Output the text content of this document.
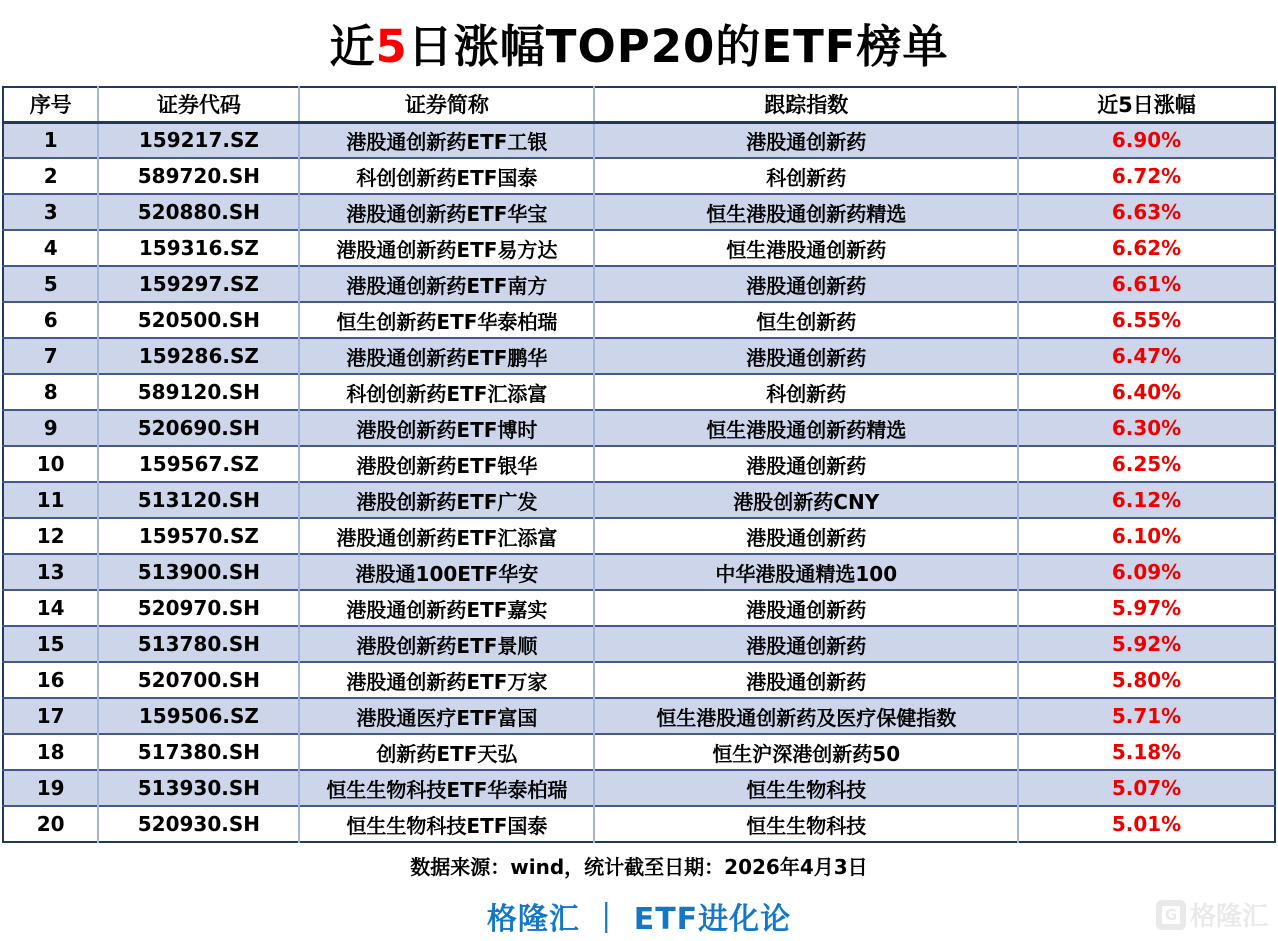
近5日涨幅TOP20的ETF榜单
序号	证券代码	证券简称	跟踪指数	近5日涨幅
1	159217.SZ	港股通创新药ETF工银	港股通创新药	6.90%
2	589720.SH	科创创新药ETF国泰	科创新药	6.72%
3	520880.SH	港股通创新药ETF华宝	恒生港股通创新药精选	6.63%
4	159316.SZ	港股通创新药ETF易方达	恒生港股通创新药	6.62%
5	159297.SZ	港股通创新药ETF南方	港股通创新药	6.61%
6	520500.SH	恒生创新药ETF华泰柏瑞	恒生创新药	6.55%
7	159286.SZ	港股通创新药ETF鹏华	港股通创新药	6.47%
8	589120.SH	科创创新药ETF汇添富	科创新药	6.40%
9	520690.SH	港股创新药ETF博时	恒生港股通创新药精选	6.30%
10	159567.SZ	港股创新药ETF银华	港股通创新药	6.25%
11	513120.SH	港股创新药ETF广发	港股创新药CNY	6.12%
12	159570.SZ	港股通创新药ETF汇添富	港股通创新药	6.10%
13	513900.SH	港股通100ETF华安	中华港股通精选100	6.09%
14	520970.SH	港股通创新药ETF嘉实	港股通创新药	5.97%
15	513780.SH	港股创新药ETF景顺	港股通创新药	5.92%
16	520700.SH	港股通创新药ETF万家	港股通创新药	5.80%
17	159506.SZ	港股通医疗ETF富国	恒生港股通创新药及医疗保健指数	5.71%
18	517380.SH	创新药ETF天弘	恒生沪深港创新药50	5.18%
19	513930.SH	恒生生物科技ETF华泰柏瑞	恒生生物科技	5.07%
20	520930.SH	恒生生物科技ETF国泰	恒生生物科技	5.01%
数据来源：wind，统计截至日期：2026年4月3日
格隆汇 ｜ ETF进化论	G 格隆汇
